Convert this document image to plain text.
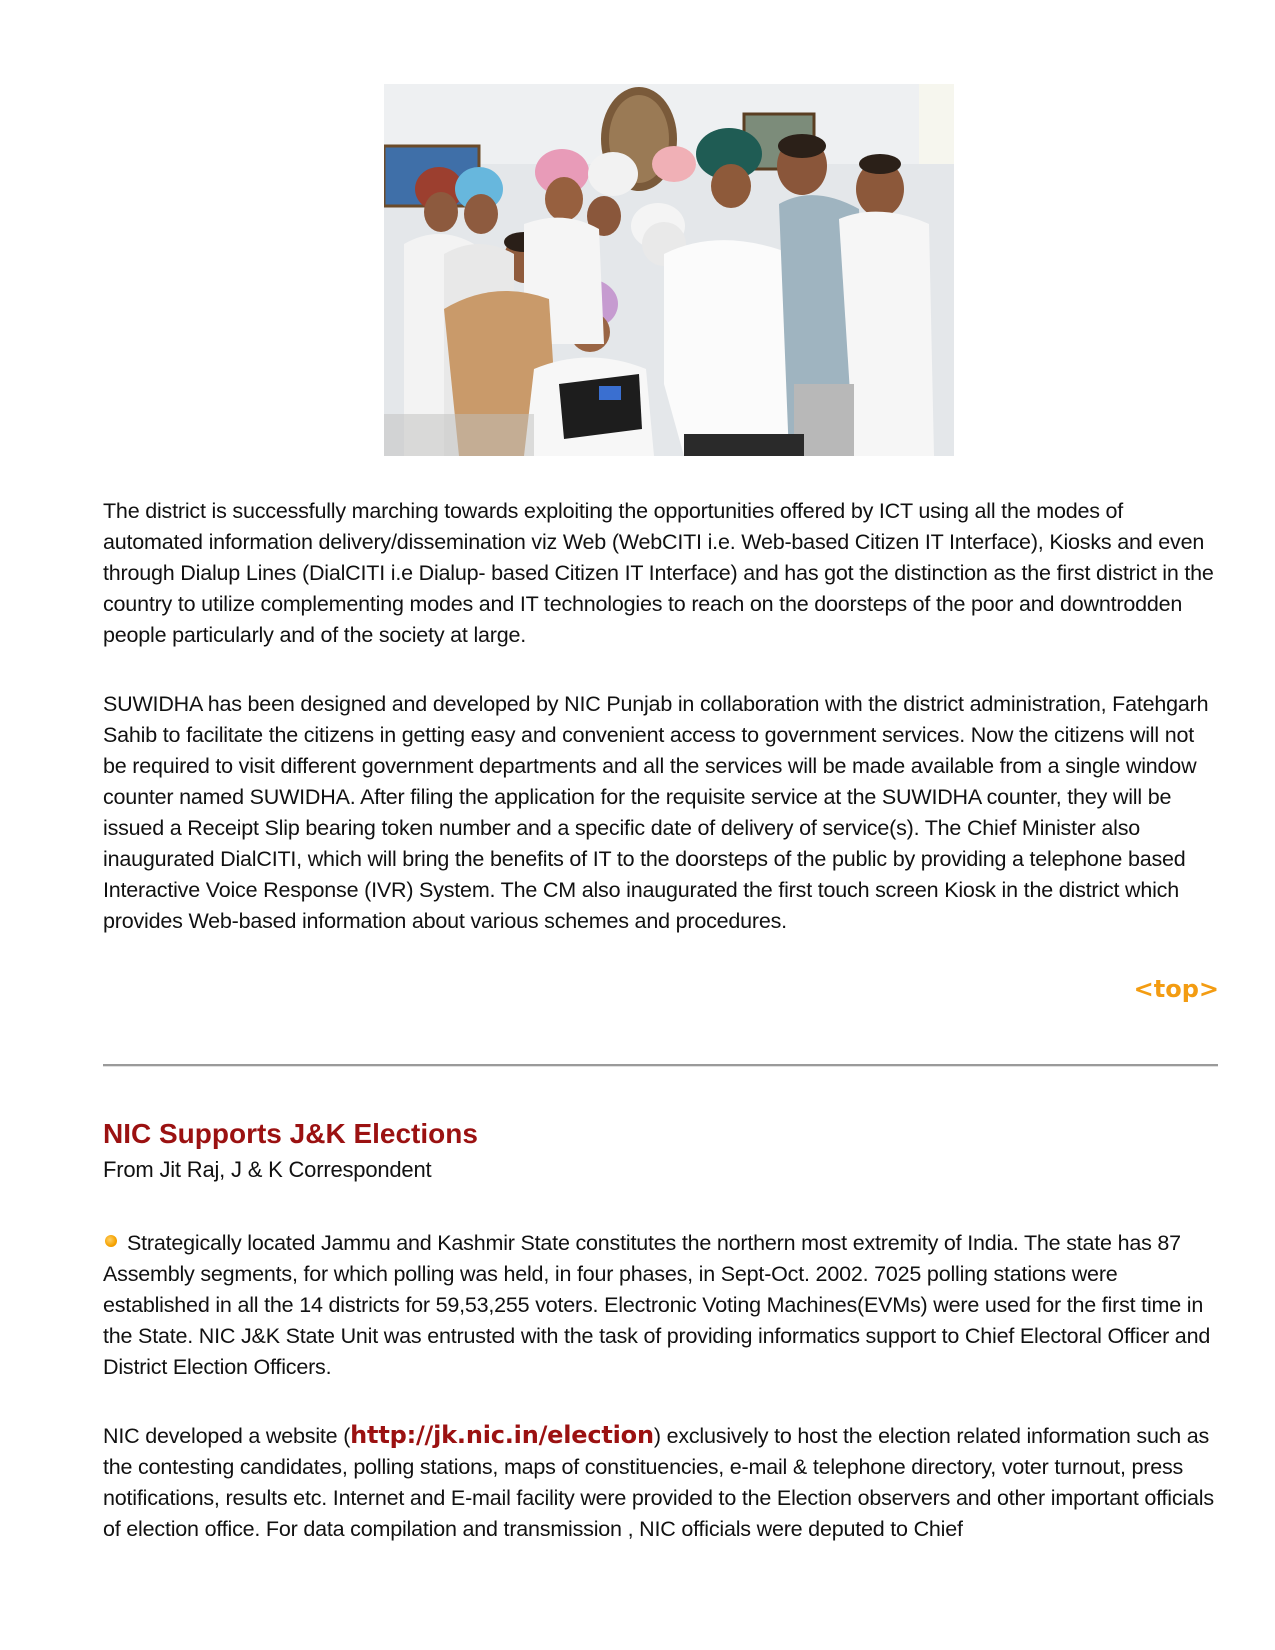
The district is successfully marching towards exploiting the opportunities offered by ICT using all the modes of automated information delivery/dissemination viz Web (WebCITI i.e. Web-based Citizen IT Interface), Kiosks and even through Dialup Lines (DialCITI i.e Dialup- based Citizen IT Interface) and has got the distinction as the first district in the country to utilize complementing modes and IT technologies to reach on the doorsteps of the poor and downtrodden people particularly and of the society at large.

SUWIDHA has been designed and developed by NIC Punjab in collaboration with the district administration, Fatehgarh Sahib to facilitate the citizens in getting easy and convenient access to government services. Now the citizens will not be required to visit different government departments and all the services will be made available from a single window counter named SUWIDHA. After filing the application for the requisite service at the SUWIDHA counter, they will be issued a Receipt Slip bearing token number and a specific date of delivery of service(s). The Chief Minister also inaugurated DialCITI, which will bring the benefits of IT to the doorsteps of the public by providing a telephone based Interactive Voice Response (IVR) System. The CM also inaugurated the first touch screen Kiosk in the district which provides Web-based information about various schemes and procedures.

<top>
NIC Supports J&K Elections

From Jit Raj, J & K Correspondent

Strategically located Jammu and Kashmir State constitutes the northern most extremity of India. The state has 87 Assembly segments, for which polling was held, in four phases, in Sept-Oct. 2002. 7025 polling stations were established in all the 14 districts for 59,53,255 voters. Electronic Voting Machines(EVMs) were used for the first time in the State. NIC J&K State Unit was entrusted with the task of providing informatics support to Chief Electoral Officer and District Election Officers.

NIC developed a website (http://jk.nic.in/election) exclusively to host the election related information such as the contesting candidates, polling stations, maps of constituencies, e-mail & telephone directory, voter turnout, press notifications, results etc. Internet and E-mail facility were provided to the Election observers and other important officials of election office. For data compilation and transmission , NIC officials were deputed to Chief
